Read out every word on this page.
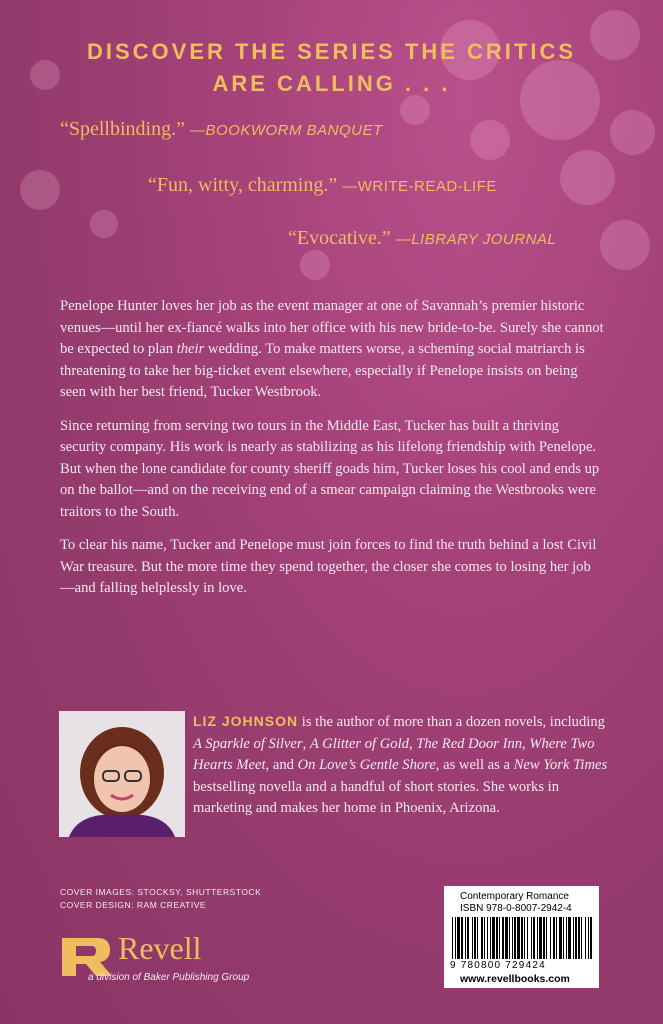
DISCOVER THE SERIES THE CRITICS
ARE CALLING . . .
“Spellbinding.” —BOOKWORM BANQUET
“Fun, witty, charming.” —WRITE-READ-LIFE
“Evocative.” —LIBRARY JOURNAL

Penelope Hunter loves her job as the event manager at one of Savannah’s premier historic venues—until her ex-fiancé walks into her office with his new bride-to-be. Surely she cannot be expected to plan their wedding. To make matters worse, a scheming social matriarch is threatening to take her big-ticket event elsewhere, especially if Penelope insists on being seen with her best friend, Tucker Westbrook.

Since returning from serving two tours in the Middle East, Tucker has built a thriving security company. His work is nearly as stabilizing as his lifelong friendship with Penelope. But when the lone candidate for county sheriff goads him, Tucker loses his cool and ends up on the ballot—and on the receiving end of a smear campaign claiming the Westbrooks were traitors to the South.

To clear his name, Tucker and Penelope must join forces to find the truth behind a lost Civil War treasure. But the more time they spend together, the closer she comes to losing her job—and falling helplessly in love.

LIZ JOHNSON is the author of more than a dozen novels, including A Sparkle of Silver, A Glitter of Gold, The Red Door Inn, Where Two Hearts Meet, and On Love’s Gentle Shore, as well as a New York Times bestselling novella and a handful of short stories. She works in marketing and makes her home in Phoenix, Arizona.
COVER IMAGES: STOCKSY, SHUTTERSTOCK
COVER DESIGN: RAM CREATIVE
Revell
a division of Baker Publishing Group
Contemporary Romance
ISBN 978-0-8007-2942-4
9 780800 729424
www.revellbooks.com
